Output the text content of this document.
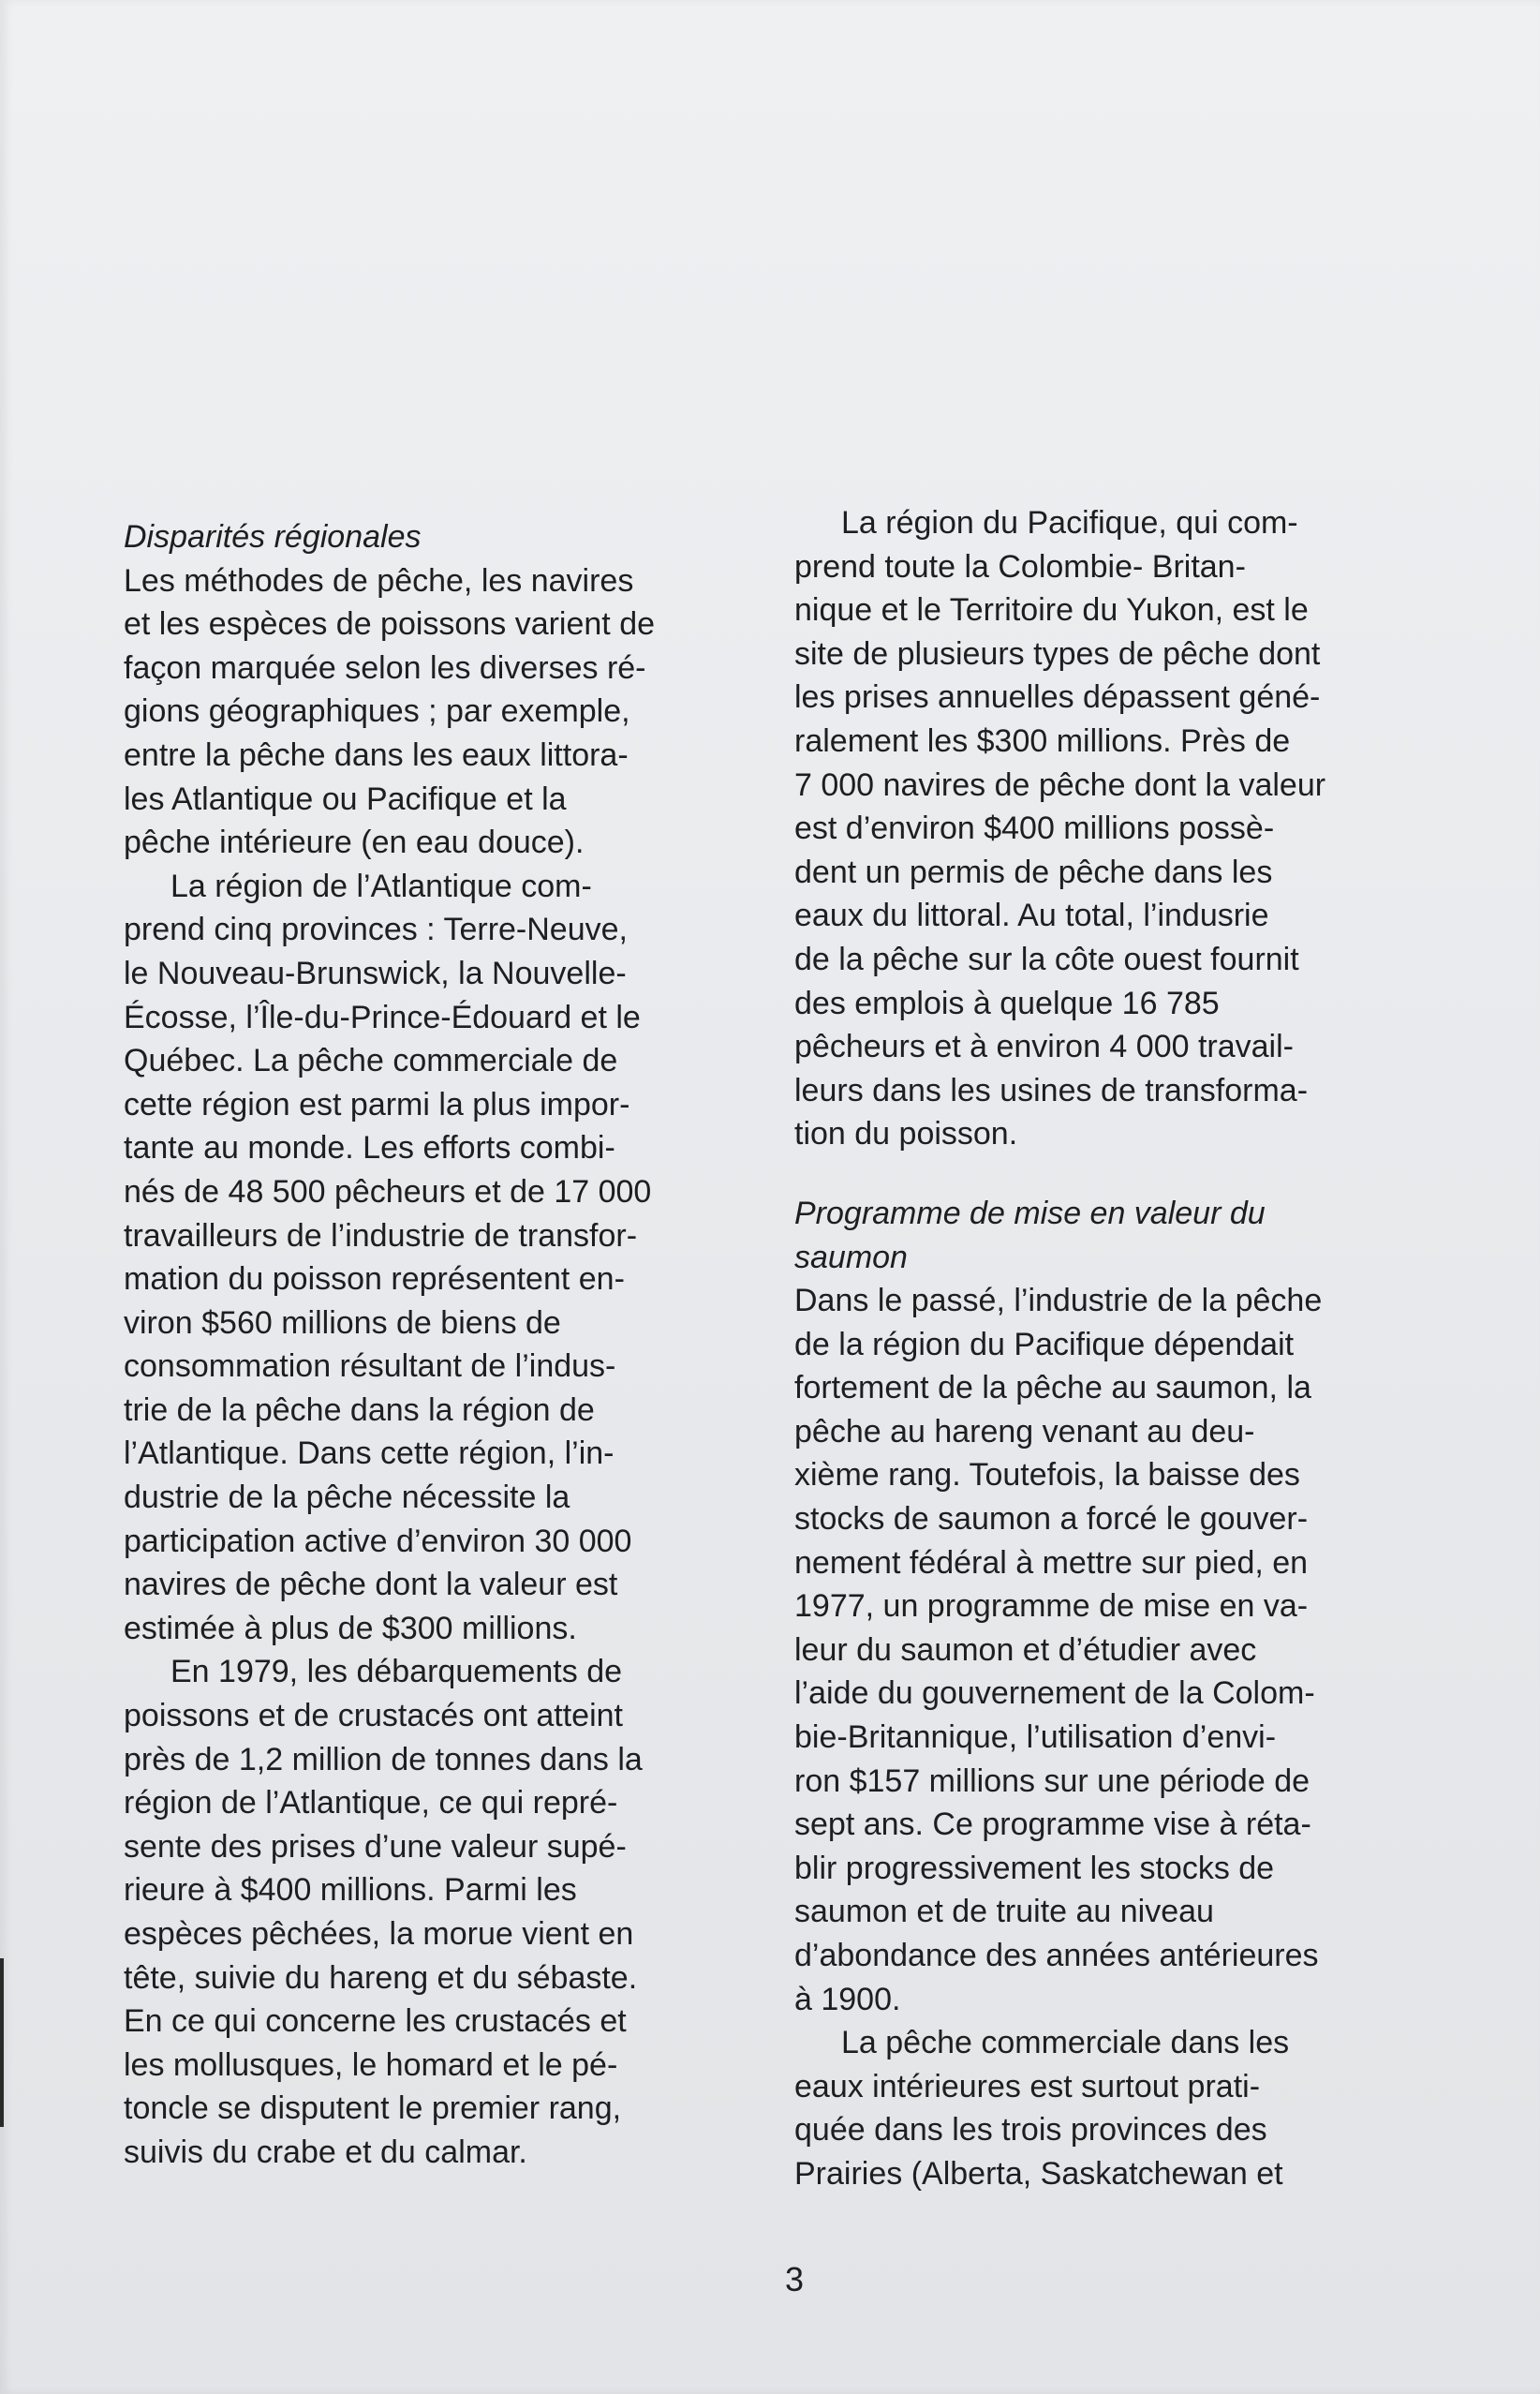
Disparités régionales

Les méthodes de pêche, les navires
et les espèces de poissons varient de
façon marquée selon les diverses ré-
gions géographiques ; par exemple,
entre la pêche dans les eaux littora-
les Atlantique ou Pacifique et la
pêche intérieure (en eau douce).

La région de l’Atlantique com-
prend cinq provinces : Terre-Neuve,
le Nouveau-Brunswick, la Nouvelle-
Écosse, l’Île-du-Prince-Édouard et le
Québec. La pêche commerciale de
cette région est parmi la plus impor-
tante au monde. Les efforts combi-
nés de 48 500 pêcheurs et de 17 000
travailleurs de l’industrie de transfor-
mation du poisson représentent en-
viron $560 millions de biens de
consommation résultant de l’indus-
trie de la pêche dans la région de
l’Atlantique. Dans cette région, l’in-
dustrie de la pêche nécessite la
participation active d’environ 30 000
navires de pêche dont la valeur est
estimée à plus de $300 millions.

En 1979, les débarquements de
poissons et de crustacés ont atteint
près de 1,2 million de tonnes dans la
région de l’Atlantique, ce qui repré-
sente des prises d’une valeur supé-
rieure à $400 millions. Parmi les
espèces pêchées, la morue vient en
tête, suivie du hareng et du sébaste.
En ce qui concerne les crustacés et
les mollusques, le homard et le pé-
toncle se disputent le premier rang,
suivis du crabe et du calmar.

La région du Pacifique, qui com-
prend toute la Colombie- Britan-
nique et le Territoire du Yukon, est le
site de plusieurs types de pêche dont
les prises annuelles dépassent géné-
ralement les $300 millions. Près de
7 000 navires de pêche dont la valeur
est d’environ $400 millions possè-
dent un permis de pêche dans les
eaux du littoral. Au total, l’indusrie
de la pêche sur la côte ouest fournit
des emplois à quelque 16 785
pêcheurs et à environ 4 000 travail-
leurs dans les usines de transforma-
tion du poisson.

Programme de mise en valeur du
saumon

Dans le passé, l’industrie de la pêche
de la région du Pacifique dépendait
fortement de la pêche au saumon, la
pêche au hareng venant au deu-
xième rang. Toutefois, la baisse des
stocks de saumon a forcé le gouver-
nement fédéral à mettre sur pied, en
1977, un programme de mise en va-
leur du saumon et d’étudier avec
l’aide du gouvernement de la Colom-
bie-Britannique, l’utilisation d’envi-
ron $157 millions sur une période de
sept ans. Ce programme vise à réta-
blir progressivement les stocks de
saumon et de truite au niveau
d’abondance des années antérieures
à 1900.

La pêche commerciale dans les
eaux intérieures est surtout prati-
quée dans les trois provinces des
Prairies (Alberta, Saskatchewan et

3
